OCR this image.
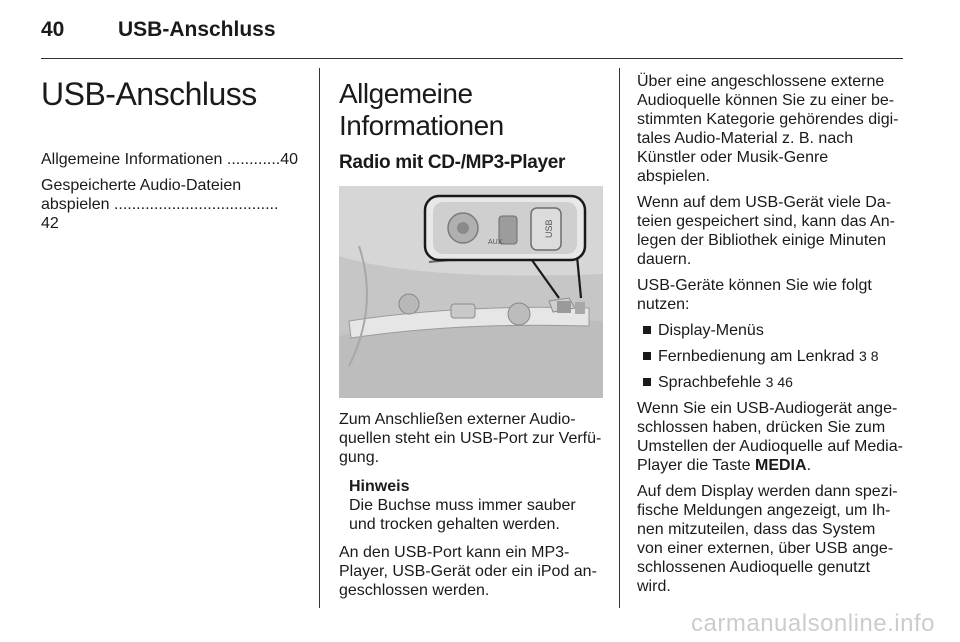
40	USB-Anschluss
USB-Anschluss
Allgemeine Informationen ............40
Gespeicherte Audio-Dateien
abspielen ..................................... 42
Allgemeine Informationen
Radio mit CD-/MP3-Player
AUX
USB

Zum Anschließen externer Audioquellen steht ein USB-Port zur Verfügung.

Hinweis
Die Buchse muss immer sauber und trocken gehalten werden.

An den USB-Port kann ein MP3-Player, USB-Gerät oder ein iPod angeschlossen werden.

Über eine angeschlossene externe Audioquelle können Sie zu einer bestimmten Kategorie gehörendes digitales Audio-Material z. B. nach Künstler oder Musik-Genre abspielen.

Wenn auf dem USB-Gerät viele Dateien gespeichert sind, kann das Anlegen der Bibliothek einige Minuten dauern.

USB-Geräte können Sie wie folgt nutzen:

Display-Menüs
Fernbedienung am Lenkrad 3 8
Sprachbefehle 3 46

Wenn Sie ein USB-Audiogerät angeschlossen haben, drücken Sie zum Umstellen der Audioquelle auf Media-Player die Taste MEDIA.

Auf dem Display werden dann spezifische Meldungen angezeigt, um Ihnen mitzuteilen, dass das System von einer externen, über USB angeschlossenen Audioquelle genutzt wird.

carmanualsonline.info
